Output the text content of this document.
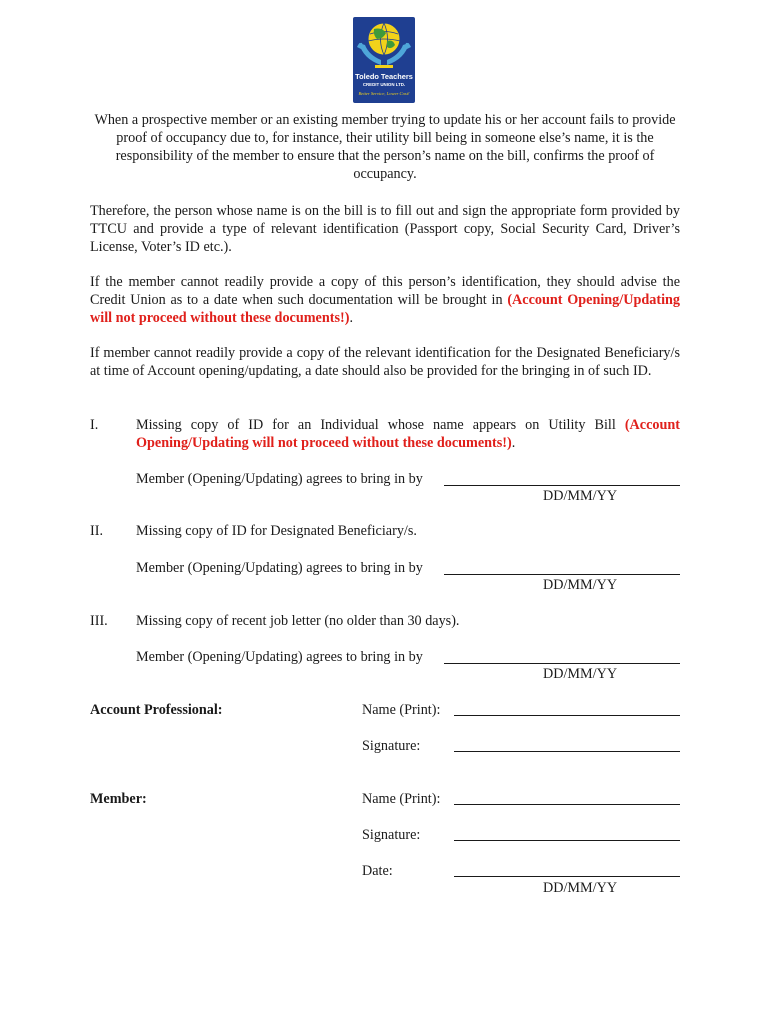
Toledo Teachers
CREDIT UNION LTD.
Better Service, Lower Cost!

When a prospective member or an existing member trying to update his or her account fails to provide proof of occupancy due to, for instance, their utility bill being in someone else’s name, it is the responsibility of the member to ensure that the person’s name on the bill, confirms the proof of occupancy.

Therefore, the person whose name is on the bill is to fill out and sign the appropriate form provided by TTCU and provide a type of relevant identification (Passport copy, Social Security Card, Driver’s License, Voter’s ID etc.).

If the member cannot readily provide a copy of this person’s identification, they should advise the Credit Union as to a date when such documentation will be brought in (Account Opening/Updating will not proceed without these documents!).

If member cannot readily provide a copy of the relevant identification for the Designated Beneficiary/s at time of Account opening/updating, a date should also be provided for the bringing in of such ID.

I.	Missing copy of ID for an Individual whose name appears on Utility Bill (Account Opening/Updating will not proceed without these documents!).
Member (Opening/Updating) agrees to bring in by
DD/MM/YY
II. Missing copy of ID for Designated Beneficiary/s.
Member (Opening/Updating) agrees to bring in by
DD/MM/YY
III. Missing copy of recent job letter (no older than 30 days).
Member (Opening/Updating) agrees to bring in by
DD/MM/YY
Account Professional:	Name (Print):
Signature:
Member:	Name (Print):
Signature:
Date:
DD/MM/YY
